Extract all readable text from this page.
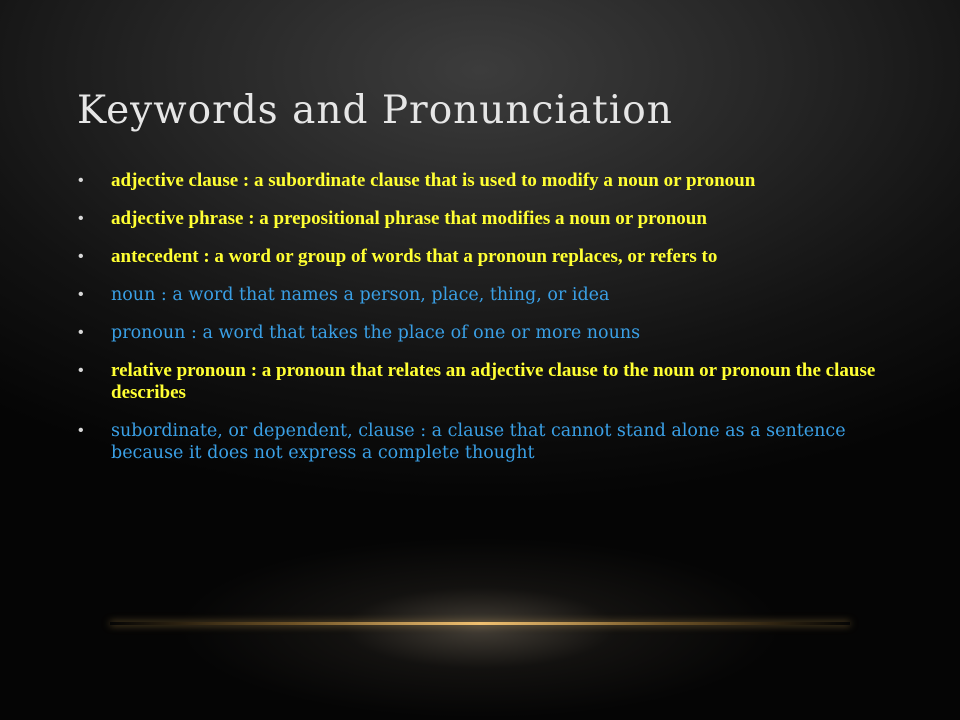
Keywords and Pronunciation
• adjective clause : a subordinate clause that is used to modify a noun or pronoun
• adjective phrase : a prepositional phrase that modifies a noun or pronoun
• antecedent : a word or group of words that a pronoun replaces, or refers to
• noun : a word that names a person, place, thing, or idea
• pronoun : a word that takes the place of one or more nouns
• relative pronoun : a pronoun that relates an adjective clause to the noun or pronoun the clause describes
• subordinate, or dependent, clause : a clause that cannot stand alone as a sentence because it does not express a complete thought
